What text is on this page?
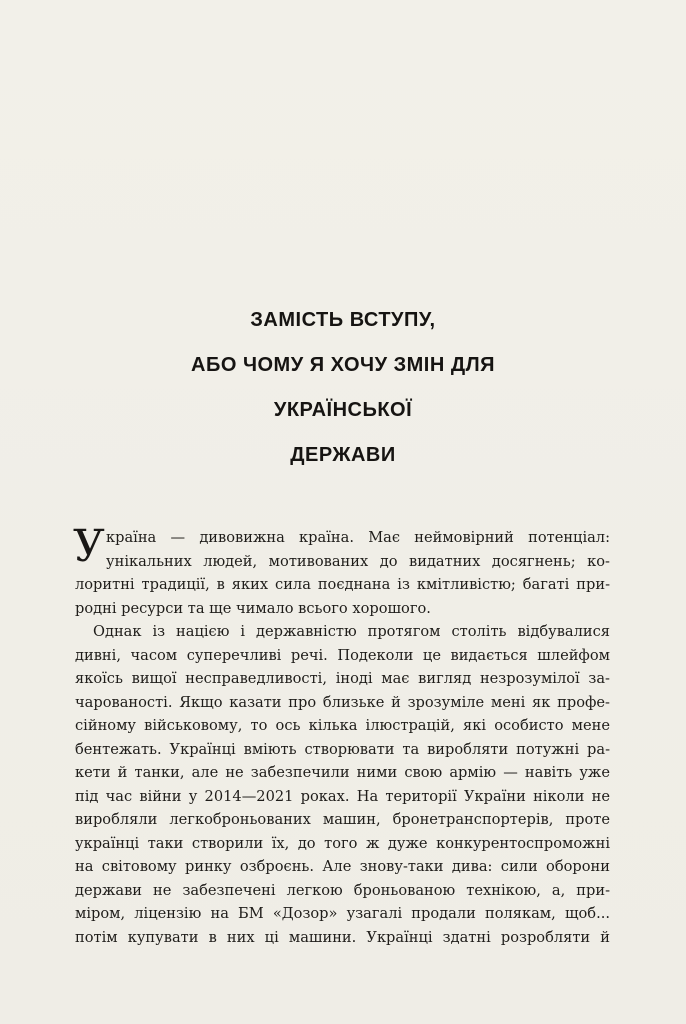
ЗАМІСТЬ ВСТУПУ,
АБО ЧОМУ Я ХОЧУ ЗМІН ДЛЯ
УКРАЇНСЬКОЇ
ДЕРЖАВИ
У країна — дивовижна країна. Має неймовірний потенціал:
унікальних людей, мотивованих до видатних досягнень; ко-
лоритні традиції, в яких сила поєднана із кмітливістю; багаті при-
родні ресурси та ще чимало всього хорошого.
Однак із нацією і державністю протягом століть відбувалися
дивні, часом суперечливі речі. Подеколи це видається шлейфом
якоїсь вищої несправедливості, іноді має вигляд незрозумілої за-
чарованості. Якщо казати про близьке й зрозуміле мені як профе-
сійному військовому, то ось кілька ілюстрацій, які особисто мене
бентежать. Українці вміють створювати та виробляти потужні ра-
кети й танки, але не забезпечили ними свою армію — навіть уже
під час війни у 2014—2021 роках. На території України ніколи не
виробляли легкоброньованих машин, бронетранспортерів, проте
українці таки створили їх, до того ж дуже конкурентоспроможні
на світовому ринку озброєнь. Але знову-таки дива: сили оборони
держави не забезпечені легкою броньованою технікою, а, при-
міром, ліцензію на БМ «Дозор» узагалі продали полякам, щоб...
потім купувати в них ці машини. Українці здатні розробляти й
